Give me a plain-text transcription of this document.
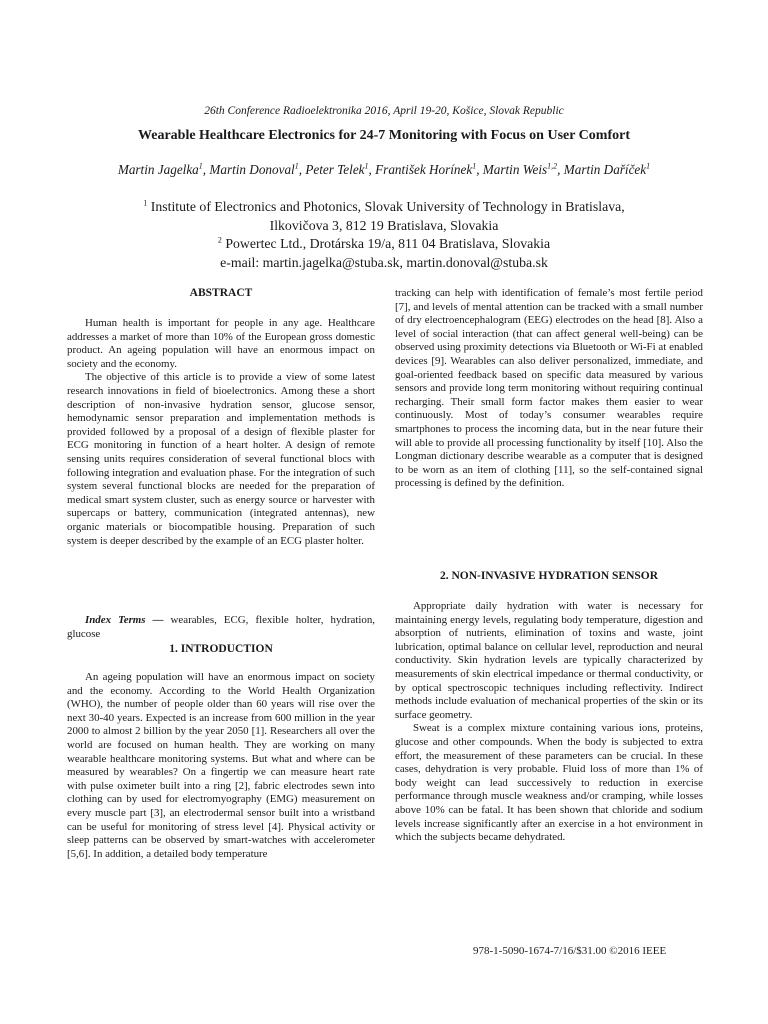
26th Conference Radioelektronika 2016, April 19-20, Košice, Slovak Republic
Wearable Healthcare Electronics for 24-7 Monitoring with Focus on User Comfort
Martin Jagelka$^1$, Martin Donoval$^1$, Peter Telek$^1$, František Horínek$^1$, Martin Weis$^{1,2}$, Martin Daříček$^1$
$^1$ Institute of Electronics and Photonics, Slovak University of Technology in Bratislava,
Ilkovičova 3, 812 19 Bratislava, Slovakia
$^2$ Powertec Ltd., Drotárska 19/a, 811 04 Bratislava, Slovakia
e-mail: martin.jagelka@stuba.sk, martin.donoval@stuba.sk
ABSTRACT

Human health is important for people in any age. Healthcare addresses a market of more than 10% of the European gross domestic product. An ageing population will have an enormous impact on society and the economy.

The objective of this article is to provide a view of some latest research innovations in field of bioelectronics. Among these a short description of non-invasive hydration sensor, glucose sensor, hemodynamic sensor preparation and implementation methods is provided followed by a proposal of a design of flexible plaster for ECG monitoring in function of a heart holter. A design of remote sensing units requires consideration of several functional blocs with following integration and evaluation phase. For the integration of such system several functional blocks are needed for the preparation of medical smart system cluster, such as energy source or harvester with supercaps or battery, communication (integrated antennas), new organic materials or biocompatible housing. Preparation of such system is deeper described by the example of an ECG plaster holter.

Index Terms — wearables, ECG, flexible holter, hydration, glucose

1. INTRODUCTION

An ageing population will have an enormous impact on society and the economy. According to the World Health Organization (WHO), the number of people older than 60 years will rise over the next 30-40 years. Expected is an increase from 600 million in the year 2000 to almost 2 billion by the year 2050 [1]. Researchers all over the world are focused on human health. They are working on many wearable healthcare monitoring systems. But what and where can be measured by wearables? On a fingertip we can measure heart rate with pulse oximeter built into a ring [2], fabric electrodes sewn into clothing can by used for electromyography (EMG) measurement on every muscle part [3], an electrodermal sensor built into a wristband can be useful for monitoring of stress level [4]. Physical activity or sleep patterns can be observed by smart-watches with accelerometer [5,6]. In addition, a detailed body temperature

tracking can help with identification of female’s most fertile period [7], and levels of mental attention can be tracked with a small number of dry electroencephalogram (EEG) electrodes on the head [8]. Also a level of social interaction (that can affect general well-being) can be observed using proximity detections via Bluetooth or Wi-Fi at enabled devices [9]. Wearables can also deliver personalized, immediate, and goal-oriented feedback based on specific data measured by various sensors and provide long term monitoring without requiring continual recharging. Their small form factor makes them easier to wear continuously. Most of today’s consumer wearables require smartphones to process the incoming data, but in the near future their will able to provide all processing functionality by itself [10]. Also the Longman dictionary describe wearable as a computer that is designed to be worn as an item of clothing [11], so the self-contained signal processing is defined by the definition.

2. NON-INVASIVE HYDRATION SENSOR

Appropriate daily hydration with water is necessary for maintaining energy levels, regulating body temperature, digestion and absorption of nutrients, elimination of toxins and waste, joint lubrication, optimal balance on cellular level, reproduction and neural conductivity. Skin hydration levels are typically characterized by measurements of skin electrical impedance or thermal conductivity, or by optical spectroscopic techniques including reflectivity. Indirect methods include evaluation of mechanical properties of the skin or its surface geometry.

Sweat is a complex mixture containing various ions, proteins, glucose and other compounds. When the body is subjected to extra effort, the measurement of these parameters can be crucial. In these cases, dehydration is very probable. Fluid loss of more than 1% of body weight can lead successively to reduction in exercise performance through muscle weakness and/or cramping, while losses above 10% can be fatal. It has been shown that chloride and sodium levels increase significantly after an exercise in a hot environment in which the subjects became dehydrated.

978-1-5090-1674-7/16/$31.00 ©2016 IEEE
